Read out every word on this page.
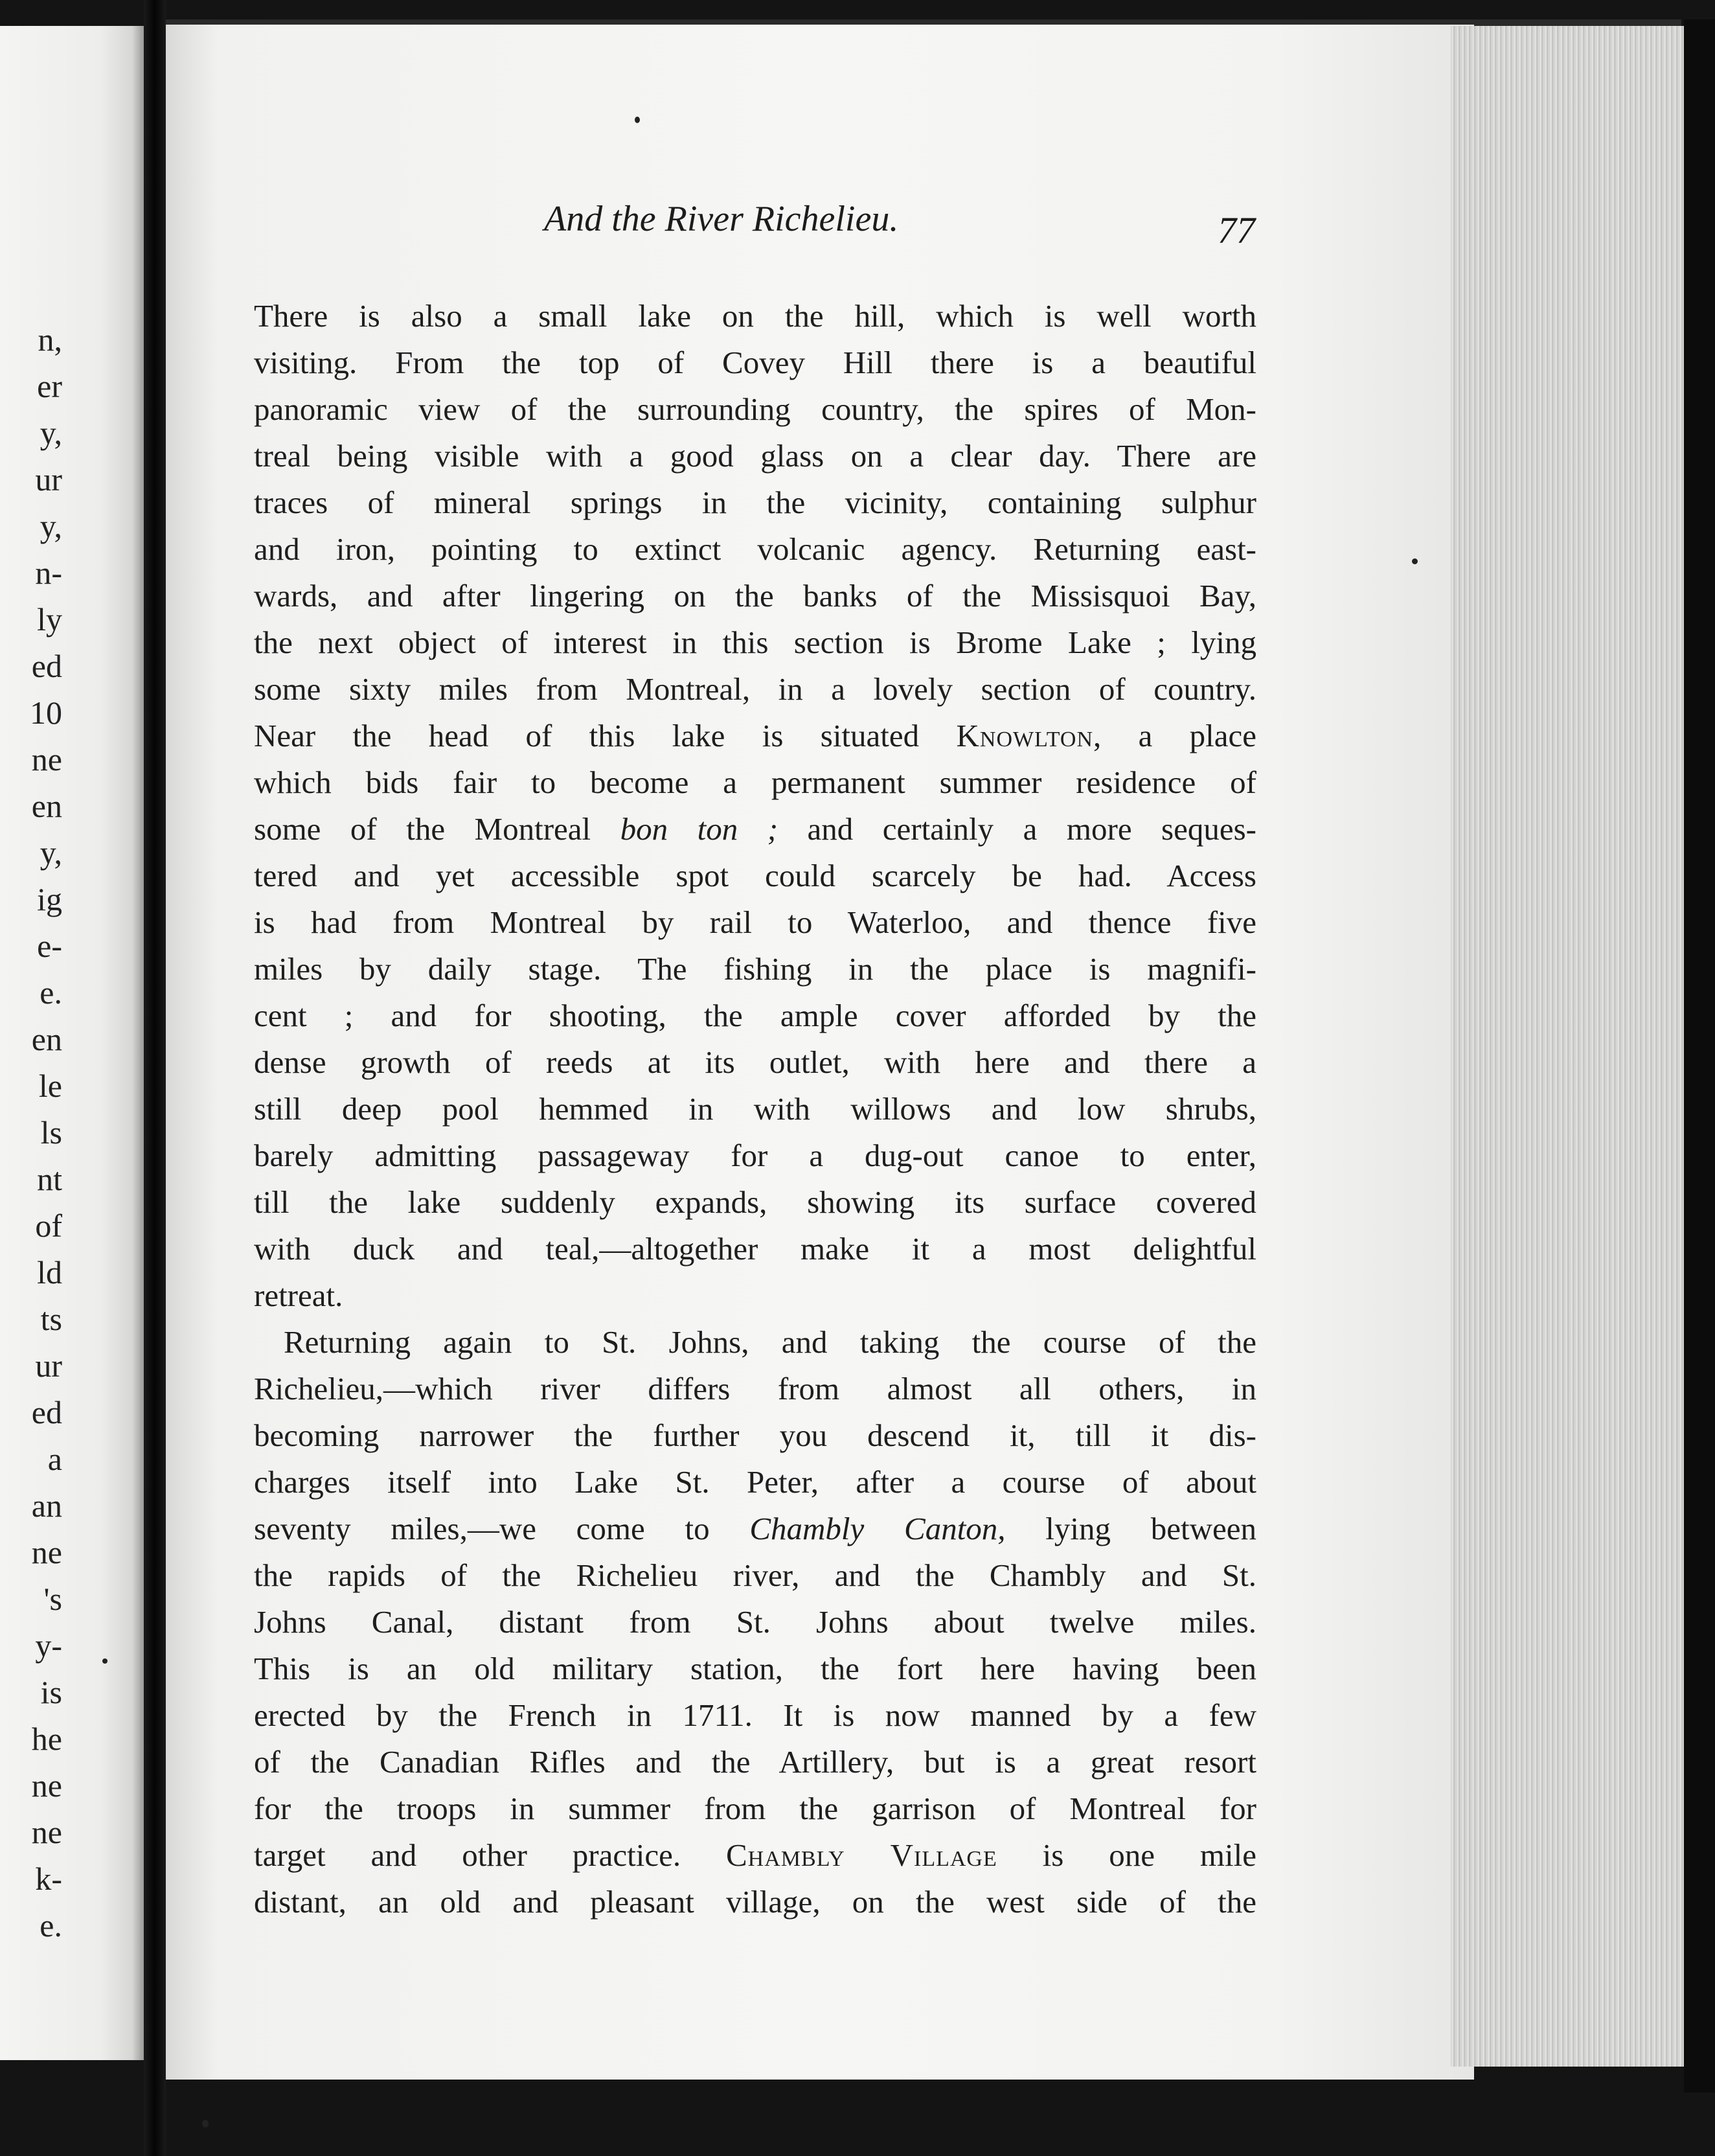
n,
er
y,
ur
y,
n-
ly
ed
10
ne
en
y,
ig
e-
e.
en
le
ls
nt
of
ld
ts
ur
ed
a
an
ne
's
y-
is
he
ne
ne
k-
e.
And the River Richelieu.	77
There is also a small lake on the hill, which is well worth
visiting. From the top of Covey Hill there is a beautiful
panoramic view of the surrounding country, the spires of Mon-
treal being visible with a good glass on a clear day. There are
traces of mineral springs in the vicinity, containing sulphur
and iron, pointing to extinct volcanic agency. Returning east-
wards, and after lingering on the banks of the Missisquoi Bay,
the next object of interest in this section is Brome Lake ; lying
some sixty miles from Montreal, in a lovely section of country.
Near the head of this lake is situated Knowlton, a place
which bids fair to become a permanent summer residence of
some of the Montreal bon ton ; and certainly a more seques-
tered and yet accessible spot could scarcely be had. Access
is had from Montreal by rail to Waterloo, and thence five
miles by daily stage. The fishing in the place is magnifi-
cent ; and for shooting, the ample cover afforded by the
dense growth of reeds at its outlet, with here and there a
still deep pool hemmed in with willows and low shrubs,
barely admitting passageway for a dug-out canoe to enter,
till the lake suddenly expands, showing its surface covered
with duck and teal,—altogether make it a most delightful
retreat.
Returning again to St. Johns, and taking the course of the
Richelieu,—which river differs from almost all others, in
becoming narrower the further you descend it, till it dis-
charges itself into Lake St. Peter, after a course of about
seventy miles,—we come to Chambly Canton, lying between
the rapids of the Richelieu river, and the Chambly and St.
Johns Canal, distant from St. Johns about twelve miles.
This is an old military station, the fort here having been
erected by the French in 1711. It is now manned by a few
of the Canadian Rifles and the Artillery, but is a great resort
for the troops in summer from the garrison of Montreal for
target and other practice. Chambly Village is one mile
distant, an old and pleasant village, on the west side of the
